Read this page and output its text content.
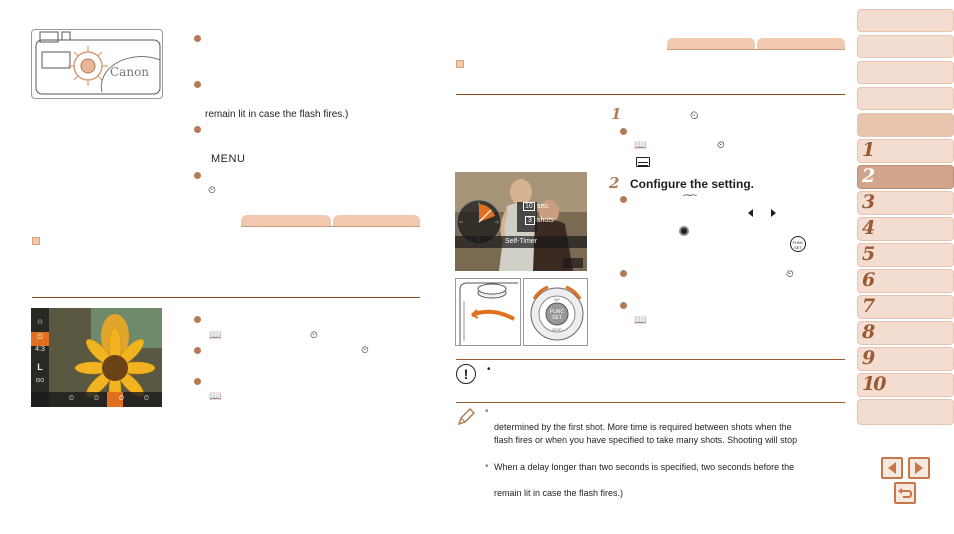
Canon
remain lit in case the flash fires.)
MENU
⏲
⊙
⏲
4:3
L
ISO
⏲	⏲	⏲	⏲
📖	⏲
⏲
📖
10 sec.
3 shots
Self-Timer
FUNC
SET
MF
DISP
1	⏲
📖	⏲
2 Configure the setting.
⁀⁀
FUNC
SET
⏲
📖
!	•
•
determined by the first shot. More time is required between shots when the
flash fires or when you have specified to take many shots. Shooting will stop
• When a delay longer than two seconds is specified, two seconds before the
remain lit in case the flash fires.)
1
2
3
4
5
6
7
8
9
10
